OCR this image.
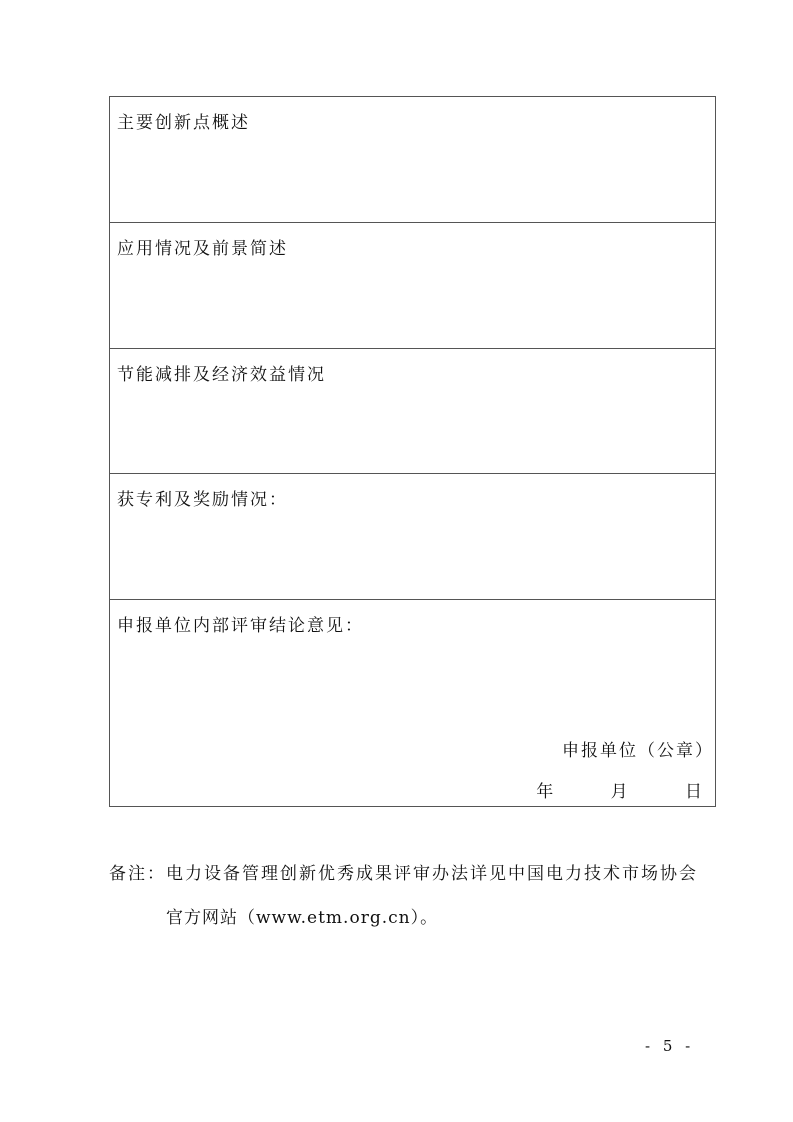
主要创新点概述
应用情况及前景简述
节能减排及经济效益情况
获专利及奖励情况：
申报单位内部评审结论意见：
申报单位（公章）
年	月	日
备注：电力设备管理创新优秀成果评审办法详见中国电力技术市场协会
官方网站（www.etm.org.cn）。
- 5 -
